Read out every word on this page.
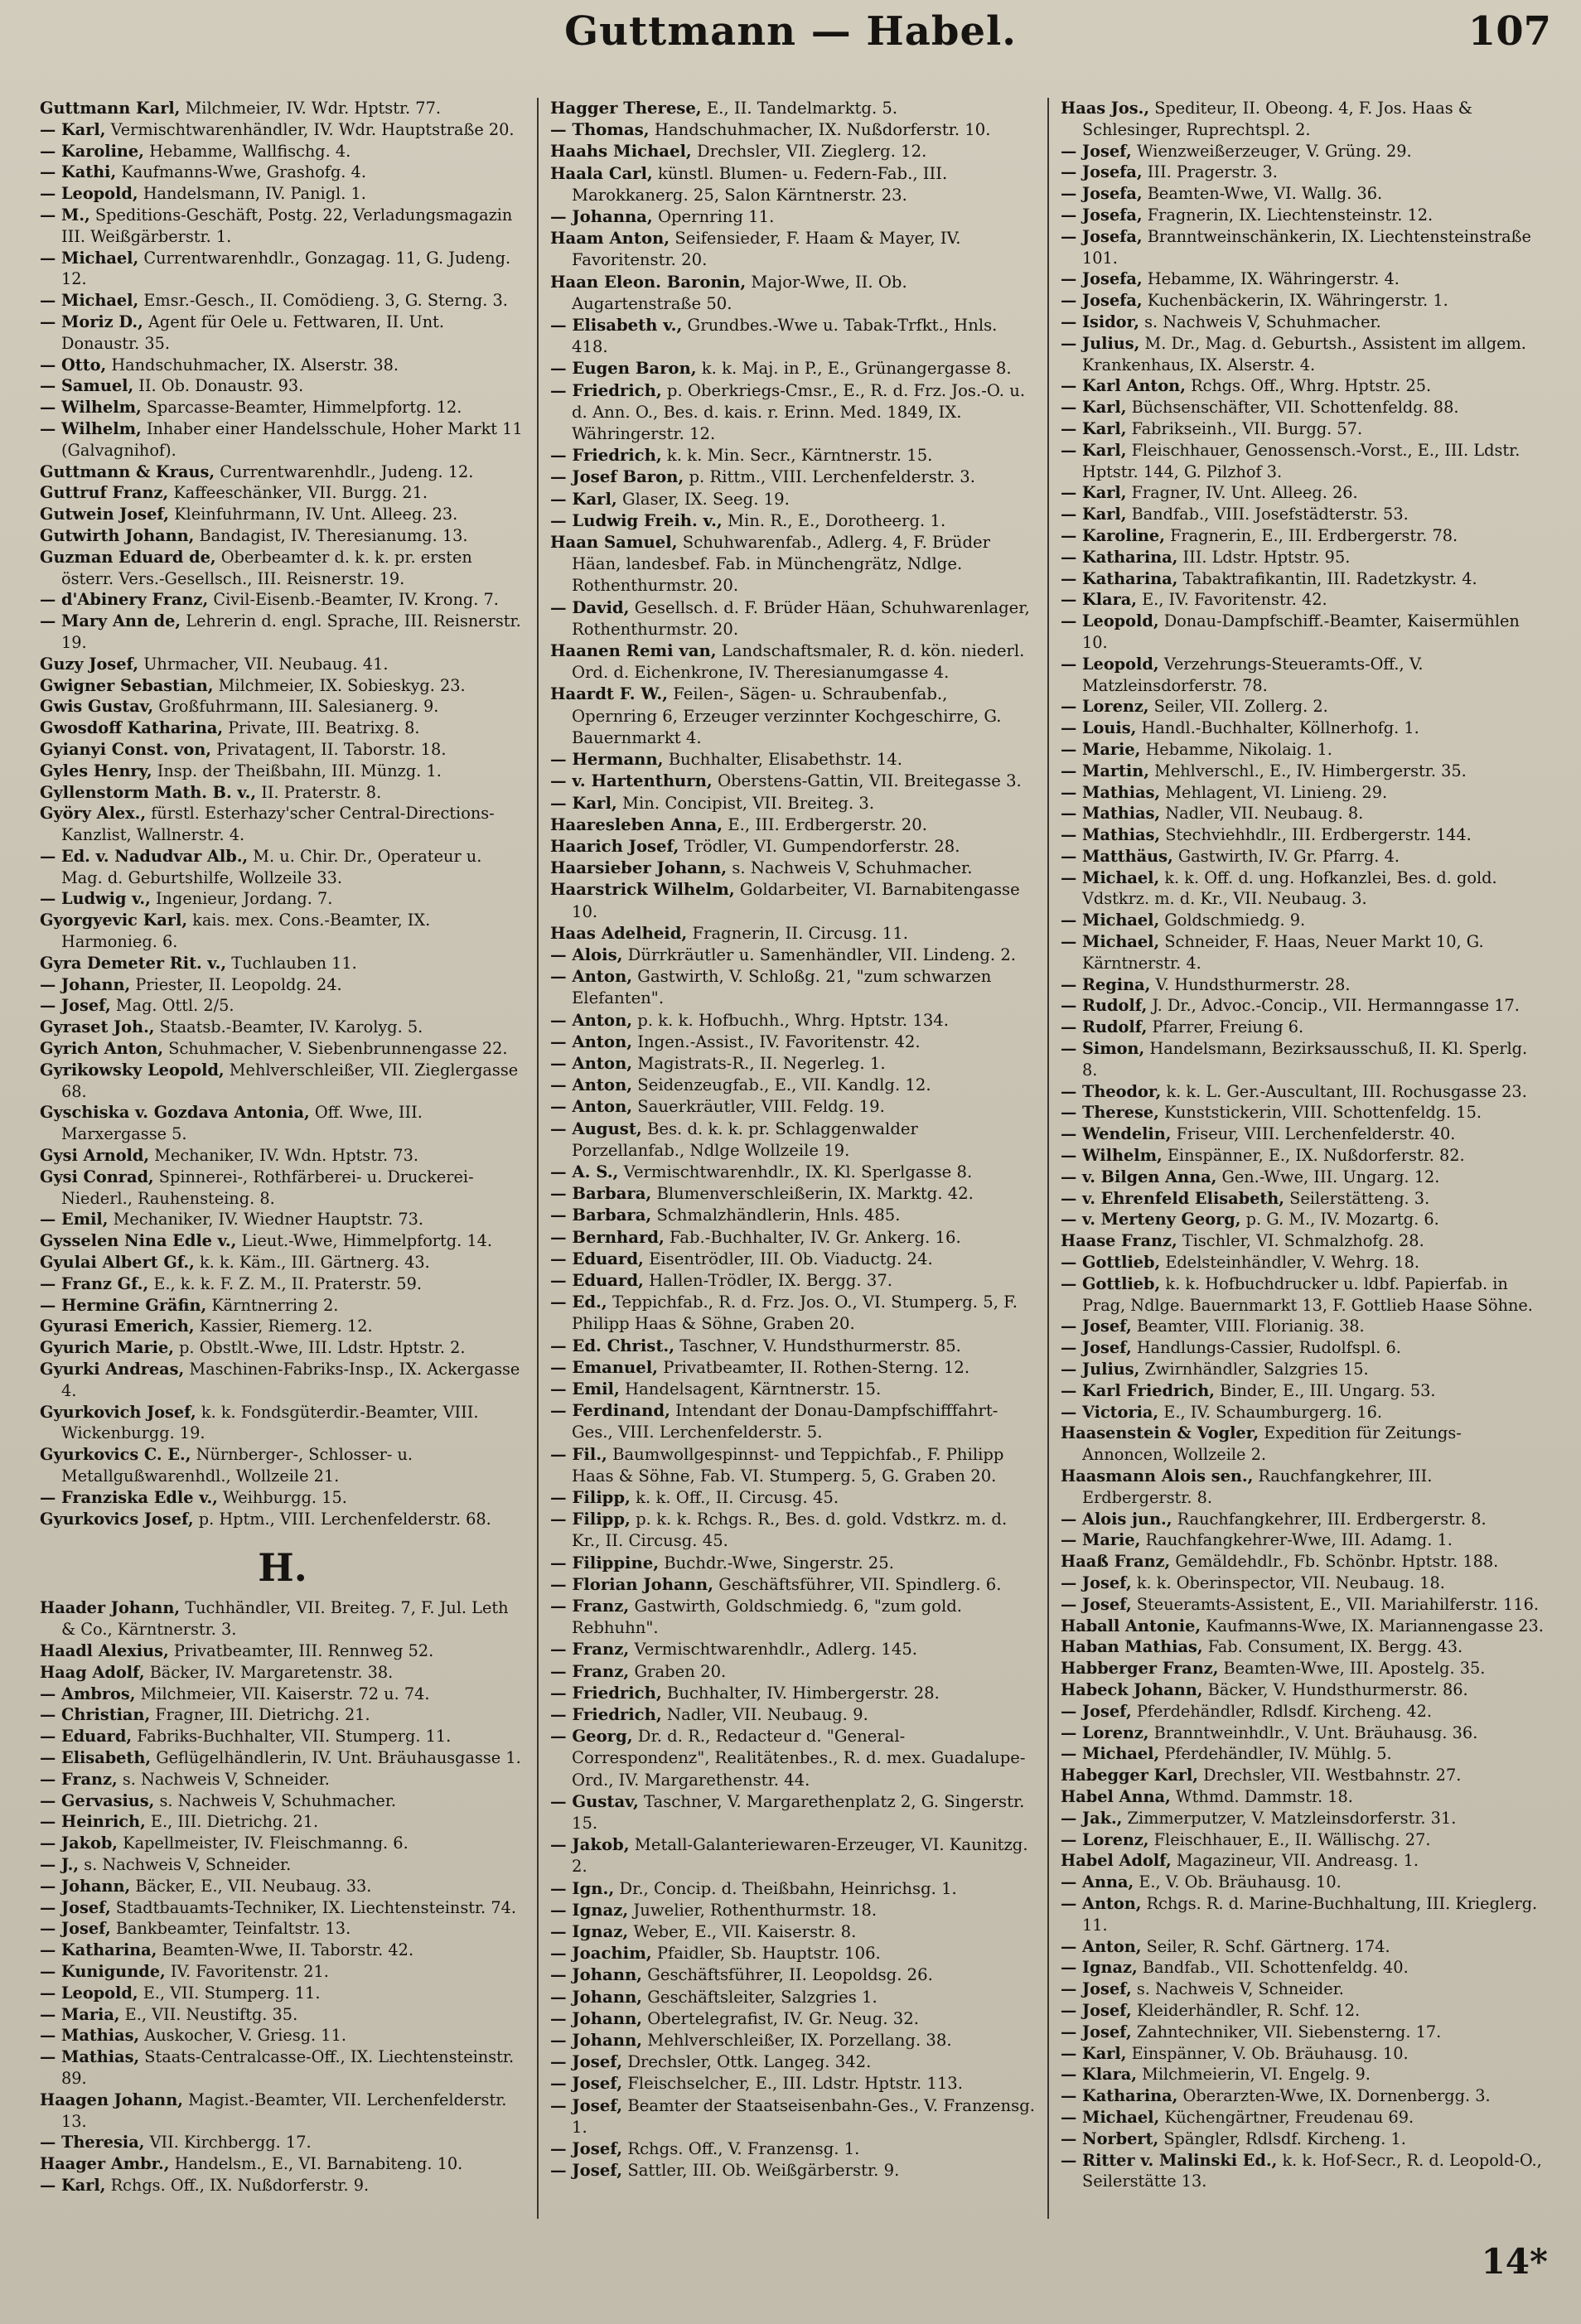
Guttmann — Habel.	107

Guttmann Karl, Milchmeier, IV. Wdr. Hptstr. 77.

— Karl, Vermischtwarenhändler, IV. Wdr. Hauptstraße 20.

— Karoline, Hebamme, Wallfischg. 4.

— Kathi, Kaufmanns-Wwe, Grashofg. 4.

— Leopold, Handelsmann, IV. Panigl. 1.

— M., Speditions-Geschäft, Postg. 22, Verladungsmagazin III. Weißgärberstr. 1.

— Michael, Currentwarenhdlr., Gonzagag. 11, G. Judeng. 12.

— Michael, Emsr.-Gesch., II. Comödieng. 3, G. Sterng. 3.

— Moriz D., Agent für Oele u. Fettwaren, II. Unt. Donaustr. 35.

— Otto, Handschuhmacher, IX. Alserstr. 38.

— Samuel, II. Ob. Donaustr. 93.

— Wilhelm, Sparcasse-Beamter, Himmelpfortg. 12.

— Wilhelm, Inhaber einer Handelsschule, Hoher Markt 11 (Galvagnihof).

Guttmann & Kraus, Currentwarenhdlr., Judeng. 12.

Guttruf Franz, Kaffeeschänker, VII. Burgg. 21.

Gutwein Josef, Kleinfuhrmann, IV. Unt. Alleeg. 23.

Gutwirth Johann, Bandagist, IV. Theresianumg. 13.

Guzman Eduard de, Oberbeamter d. k. k. pr. ersten österr. Vers.-Gesellsch., III. Reisnerstr. 19.

— d'Abinery Franz, Civil-Eisenb.-Beamter, IV. Krong. 7.

— Mary Ann de, Lehrerin d. engl. Sprache, III. Reisnerstr. 19.

Guzy Josef, Uhrmacher, VII. Neubaug. 41.

Gwigner Sebastian, Milchmeier, IX. Sobieskyg. 23.

Gwis Gustav, Großfuhrmann, III. Salesianerg. 9.

Gwosdoff Katharina, Private, III. Beatrixg. 8.

Gyianyi Const. von, Privatagent, II. Taborstr. 18.

Gyles Henry, Insp. der Theißbahn, III. Münzg. 1.

Gyllenstorm Math. B. v., II. Praterstr. 8.

Györy Alex., fürstl. Esterhazy'scher Central-Directions-Kanzlist, Wallnerstr. 4.

— Ed. v. Nadudvar Alb., M. u. Chir. Dr., Operateur u. Mag. d. Geburtshilfe, Wollzeile 33.

— Ludwig v., Ingenieur, Jordang. 7.

Gyorgyevic Karl, kais. mex. Cons.-Beamter, IX. Harmonieg. 6.

Gyra Demeter Rit. v., Tuchlauben 11.

— Johann, Priester, II. Leopoldg. 24.

— Josef, Mag. Ottl. 2/5.

Gyraset Joh., Staatsb.-Beamter, IV. Karolyg. 5.

Gyrich Anton, Schuhmacher, V. Siebenbrunnengasse 22.

Gyrikowsky Leopold, Mehlverschleißer, VII. Zieglergasse 68.

Gyschiska v. Gozdava Antonia, Off. Wwe, III. Marxergasse 5.

Gysi Arnold, Mechaniker, IV. Wdn. Hptstr. 73.

Gysi Conrad, Spinnerei-, Rothfärberei- u. Druckerei-Niederl., Rauhensteing. 8.

— Emil, Mechaniker, IV. Wiedner Hauptstr. 73.

Gysselen Nina Edle v., Lieut.-Wwe, Himmelpfortg. 14.

Gyulai Albert Gf., k. k. Käm., III. Gärtnerg. 43.

— Franz Gf., E., k. k. F. Z. M., II. Praterstr. 59.

— Hermine Gräfin, Kärntnerring 2.

Gyurasi Emerich, Kassier, Riemerg. 12.

Gyurich Marie, p. Obstlt.-Wwe, III. Ldstr. Hptstr. 2.

Gyurki Andreas, Maschinen-Fabriks-Insp., IX. Ackergasse 4.

Gyurkovich Josef, k. k. Fondsgüterdir.-Beamter, VIII. Wickenburgg. 19.

Gyurkovics C. E., Nürnberger-, Schlosser- u. Metallgußwarenhdl., Wollzeile 21.

— Franziska Edle v., Weihburgg. 15.

Gyurkovics Josef, p. Hptm., VIII. Lerchenfelderstr. 68.

H.

Haader Johann, Tuchhändler, VII. Breiteg. 7, F. Jul. Leth & Co., Kärntnerstr. 3.

Haadl Alexius, Privatbeamter, III. Rennweg 52.

Haag Adolf, Bäcker, IV. Margaretenstr. 38.

— Ambros, Milchmeier, VII. Kaiserstr. 72 u. 74.

— Christian, Fragner, III. Dietrichg. 21.

— Eduard, Fabriks-Buchhalter, VII. Stumperg. 11.

— Elisabeth, Geflügelhändlerin, IV. Unt. Bräuhausgasse 1.

— Franz, s. Nachweis V, Schneider.

— Gervasius, s. Nachweis V, Schuhmacher.

— Heinrich, E., III. Dietrichg. 21.

— Jakob, Kapellmeister, IV. Fleischmanng. 6.

— J., s. Nachweis V, Schneider.

— Johann, Bäcker, E., VII. Neubaug. 33.

— Josef, Stadtbauamts-Techniker, IX. Liechtensteinstr. 74.

— Josef, Bankbeamter, Teinfaltstr. 13.

— Katharina, Beamten-Wwe, II. Taborstr. 42.

— Kunigunde, IV. Favoritenstr. 21.

— Leopold, E., VII. Stumperg. 11.

— Maria, E., VII. Neustiftg. 35.

— Mathias, Auskocher, V. Griesg. 11.

— Mathias, Staats-Centralcasse-Off., IX. Liechtensteinstr. 89.

Haagen Johann, Magist.-Beamter, VII. Lerchenfelderstr. 13.

— Theresia, VII. Kirchbergg. 17.

Haager Ambr., Handelsm., E., VI. Barnabiteng. 10.

— Karl, Rchgs. Off., IX. Nußdorferstr. 9.

Hagger Therese, E., II. Tandelmarktg. 5.

— Thomas, Handschuhmacher, IX. Nußdorferstr. 10.

Haahs Michael, Drechsler, VII. Zieglerg. 12.

Haala Carl, künstl. Blumen- u. Federn-Fab., III. Marokkanerg. 25, Salon Kärntnerstr. 23.

— Johanna, Opernring 11.

Haam Anton, Seifensieder, F. Haam & Mayer, IV. Favoritenstr. 20.

Haan Eleon. Baronin, Major-Wwe, II. Ob. Augartenstraße 50.

— Elisabeth v., Grundbes.-Wwe u. Tabak-Trfkt., Hnls. 418.

— Eugen Baron, k. k. Maj. in P., E., Grünangergasse 8.

— Friedrich, p. Oberkriegs-Cmsr., E., R. d. Frz. Jos.-O. u. d. Ann. O., Bes. d. kais. r. Erinn. Med. 1849, IX. Währingerstr. 12.

— Friedrich, k. k. Min. Secr., Kärntnerstr. 15.

— Josef Baron, p. Rittm., VIII. Lerchenfelderstr. 3.

— Karl, Glaser, IX. Seeg. 19.

— Ludwig Freih. v., Min. R., E., Dorotheerg. 1.

Haan Samuel, Schuhwarenfab., Adlerg. 4, F. Brüder Häan, landesbef. Fab. in Münchengrätz, Ndlge. Rothenthurmstr. 20.

— David, Gesellsch. d. F. Brüder Häan, Schuhwarenlager, Rothenthurmstr. 20.

Haanen Remi van, Landschaftsmaler, R. d. kön. niederl. Ord. d. Eichenkrone, IV. Theresianumgasse 4.

Haardt F. W., Feilen-, Sägen- u. Schraubenfab., Opernring 6, Erzeuger verzinnter Kochgeschirre, G. Bauernmarkt 4.

— Hermann, Buchhalter, Elisabethstr. 14.

— v. Hartenthurn, Oberstens-Gattin, VII. Breitegasse 3.

— Karl, Min. Concipist, VII. Breiteg. 3.

Haaresleben Anna, E., III. Erdbergerstr. 20.

Haarich Josef, Trödler, VI. Gumpendorferstr. 28.

Haarsieber Johann, s. Nachweis V, Schuhmacher.

Haarstrick Wilhelm, Goldarbeiter, VI. Barnabitengasse 10.

Haas Adelheid, Fragnerin, II. Circusg. 11.

— Alois, Dürrkräutler u. Samenhändler, VII. Lindeng. 2.

— Anton, Gastwirth, V. Schloßg. 21, "zum schwarzen Elefanten".

— Anton, p. k. k. Hofbuchh., Whrg. Hptstr. 134.

— Anton, Ingen.-Assist., IV. Favoritenstr. 42.

— Anton, Magistrats-R., II. Negerleg. 1.

— Anton, Seidenzeugfab., E., VII. Kandlg. 12.

— Anton, Sauerkräutler, VIII. Feldg. 19.

— August, Bes. d. k. k. pr. Schlaggenwalder Porzellanfab., Ndlge Wollzeile 19.

— A. S., Vermischtwarenhdlr., IX. Kl. Sperlgasse 8.

— Barbara, Blumenverschleißerin, IX. Marktg. 42.

— Barbara, Schmalzhändlerin, Hnls. 485.

— Bernhard, Fab.-Buchhalter, IV. Gr. Ankerg. 16.

— Eduard, Eisentrödler, III. Ob. Viaductg. 24.

— Eduard, Hallen-Trödler, IX. Bergg. 37.

— Ed., Teppichfab., R. d. Frz. Jos. O., VI. Stumperg. 5, F. Philipp Haas & Söhne, Graben 20.

— Ed. Christ., Taschner, V. Hundsthurmerstr. 85.

— Emanuel, Privatbeamter, II. Rothen-Sterng. 12.

— Emil, Handelsagent, Kärntnerstr. 15.

— Ferdinand, Intendant der Donau-Dampfschifffahrt-Ges., VIII. Lerchenfelderstr. 5.

— Fil., Baumwollgespinnst- und Teppichfab., F. Philipp Haas & Söhne, Fab. VI. Stumperg. 5, G. Graben 20.

— Filipp, k. k. Off., II. Circusg. 45.

— Filipp, p. k. k. Rchgs. R., Bes. d. gold. Vdstkrz. m. d. Kr., II. Circusg. 45.

— Filippine, Buchdr.-Wwe, Singerstr. 25.

— Florian Johann, Geschäftsführer, VII. Spindlerg. 6.

— Franz, Gastwirth, Goldschmiedg. 6, "zum gold. Rebhuhn".

— Franz, Vermischtwarenhdlr., Adlerg. 145.

— Franz, Graben 20.

— Friedrich, Buchhalter, IV. Himbergerstr. 28.

— Friedrich, Nadler, VII. Neubaug. 9.

— Georg, Dr. d. R., Redacteur d. "General-Correspondenz", Realitätenbes., R. d. mex. Guadalupe-Ord., IV. Margarethenstr. 44.

— Gustav, Taschner, V. Margarethenplatz 2, G. Singerstr. 15.

— Jakob, Metall-Galanteriewaren-Erzeuger, VI. Kaunitzg. 2.

— Ign., Dr., Concip. d. Theißbahn, Heinrichsg. 1.

— Ignaz, Juwelier, Rothenthurmstr. 18.

— Ignaz, Weber, E., VII. Kaiserstr. 8.

— Joachim, Pfaidler, Sb. Hauptstr. 106.

— Johann, Geschäftsführer, II. Leopoldsg. 26.

— Johann, Geschäftsleiter, Salzgries 1.

— Johann, Obertelegrafist, IV. Gr. Neug. 32.

— Johann, Mehlverschleißer, IX. Porzellang. 38.

— Josef, Drechsler, Ottk. Langeg. 342.

— Josef, Fleischselcher, E., III. Ldstr. Hptstr. 113.

— Josef, Beamter der Staatseisenbahn-Ges., V. Franzensg. 1.

— Josef, Rchgs. Off., V. Franzensg. 1.

— Josef, Sattler, III. Ob. Weißgärberstr. 9.

Haas Jos., Spediteur, II. Obeong. 4, F. Jos. Haas & Schlesinger, Ruprechtspl. 2.

— Josef, Wienzweißerzeuger, V. Grüng. 29.

— Josefa, III. Pragerstr. 3.

— Josefa, Beamten-Wwe, VI. Wallg. 36.

— Josefa, Fragnerin, IX. Liechtensteinstr. 12.

— Josefa, Branntweinschänkerin, IX. Liechtensteinstraße 101.

— Josefa, Hebamme, IX. Währingerstr. 4.

— Josefa, Kuchenbäckerin, IX. Währingerstr. 1.

— Isidor, s. Nachweis V, Schuhmacher.

— Julius, M. Dr., Mag. d. Geburtsh., Assistent im allgem. Krankenhaus, IX. Alserstr. 4.

— Karl Anton, Rchgs. Off., Whrg. Hptstr. 25.

— Karl, Büchsenschäfter, VII. Schottenfeldg. 88.

— Karl, Fabrikseinh., VII. Burgg. 57.

— Karl, Fleischhauer, Genossensch.-Vorst., E., III. Ldstr. Hptstr. 144, G. Pilzhof 3.

— Karl, Fragner, IV. Unt. Alleeg. 26.

— Karl, Bandfab., VIII. Josefstädterstr. 53.

— Karoline, Fragnerin, E., III. Erdbergerstr. 78.

— Katharina, III. Ldstr. Hptstr. 95.

— Katharina, Tabaktrafikantin, III. Radetzkystr. 4.

— Klara, E., IV. Favoritenstr. 42.

— Leopold, Donau-Dampfschiff.-Beamter, Kaisermühlen 10.

— Leopold, Verzehrungs-Steueramts-Off., V. Matzleinsdorferstr. 78.

— Lorenz, Seiler, VII. Zollerg. 2.

— Louis, Handl.-Buchhalter, Köllnerhofg. 1.

— Marie, Hebamme, Nikolaig. 1.

— Martin, Mehlverschl., E., IV. Himbergerstr. 35.

— Mathias, Mehlagent, VI. Linieng. 29.

— Mathias, Nadler, VII. Neubaug. 8.

— Mathias, Stechviehhdlr., III. Erdbergerstr. 144.

— Matthäus, Gastwirth, IV. Gr. Pfarrg. 4.

— Michael, k. k. Off. d. ung. Hofkanzlei, Bes. d. gold. Vdstkrz. m. d. Kr., VII. Neubaug. 3.

— Michael, Goldschmiedg. 9.

— Michael, Schneider, F. Haas, Neuer Markt 10, G. Kärntnerstr. 4.

— Regina, V. Hundsthurmerstr. 28.

— Rudolf, J. Dr., Advoc.-Concip., VII. Hermanngasse 17.

— Rudolf, Pfarrer, Freiung 6.

— Simon, Handelsmann, Bezirksausschuß, II. Kl. Sperlg. 8.

— Theodor, k. k. L. Ger.-Auscultant, III. Rochusgasse 23.

— Therese, Kunststickerin, VIII. Schottenfeldg. 15.

— Wendelin, Friseur, VIII. Lerchenfelderstr. 40.

— Wilhelm, Einspänner, E., IX. Nußdorferstr. 82.

— v. Bilgen Anna, Gen.-Wwe, III. Ungarg. 12.

— v. Ehrenfeld Elisabeth, Seilerstätteng. 3.

— v. Merteny Georg, p. G. M., IV. Mozartg. 6.

Haase Franz, Tischler, VI. Schmalzhofg. 28.

— Gottlieb, Edelsteinhändler, V. Wehrg. 18.

— Gottlieb, k. k. Hofbuchdrucker u. ldbf. Papierfab. in Prag, Ndlge. Bauernmarkt 13, F. Gottlieb Haase Söhne.

— Josef, Beamter, VIII. Florianig. 38.

— Josef, Handlungs-Cassier, Rudolfspl. 6.

— Julius, Zwirnhändler, Salzgries 15.

— Karl Friedrich, Binder, E., III. Ungarg. 53.

— Victoria, E., IV. Schaumburgerg. 16.

Haasenstein & Vogler, Expedition für Zeitungs-Annoncen, Wollzeile 2.

Haasmann Alois sen., Rauchfangkehrer, III. Erdbergerstr. 8.

— Alois jun., Rauchfangkehrer, III. Erdbergerstr. 8.

— Marie, Rauchfangkehrer-Wwe, III. Adamg. 1.

Haaß Franz, Gemäldehdlr., Fb. Schönbr. Hptstr. 188.

— Josef, k. k. Oberinspector, VII. Neubaug. 18.

— Josef, Steueramts-Assistent, E., VII. Mariahilferstr. 116.

Haball Antonie, Kaufmanns-Wwe, IX. Mariannengasse 23.

Haban Mathias, Fab. Consument, IX. Bergg. 43.

Habberger Franz, Beamten-Wwe, III. Apostelg. 35.

Habeck Johann, Bäcker, V. Hundsthurmerstr. 86.

— Josef, Pferdehändler, Rdlsdf. Kircheng. 42.

— Lorenz, Branntweinhdlr., V. Unt. Bräuhausg. 36.

— Michael, Pferdehändler, IV. Mühlg. 5.

Habegger Karl, Drechsler, VII. Westbahnstr. 27.

Habel Anna, Wthmd. Dammstr. 18.

— Jak., Zimmerputzer, V. Matzleinsdorferstr. 31.

— Lorenz, Fleischhauer, E., II. Wällischg. 27.

Habel Adolf, Magazineur, VII. Andreasg. 1.

— Anna, E., V. Ob. Bräuhausg. 10.

— Anton, Rchgs. R. d. Marine-Buchhaltung, III. Krieglerg. 11.

— Anton, Seiler, R. Schf. Gärtnerg. 174.

— Ignaz, Bandfab., VII. Schottenfeldg. 40.

— Josef, s. Nachweis V, Schneider.

— Josef, Kleiderhändler, R. Schf. 12.

— Josef, Zahntechniker, VII. Siebensterng. 17.

— Karl, Einspänner, V. Ob. Bräuhausg. 10.

— Klara, Milchmeierin, VI. Engelg. 9.

— Katharina, Oberarzten-Wwe, IX. Dornenbergg. 3.

— Michael, Küchengärtner, Freudenau 69.

— Norbert, Spängler, Rdlsdf. Kircheng. 1.

— Ritter v. Malinski Ed., k. k. Hof-Secr., R. d. Leopold-O., Seilerstätte 13.

14*
